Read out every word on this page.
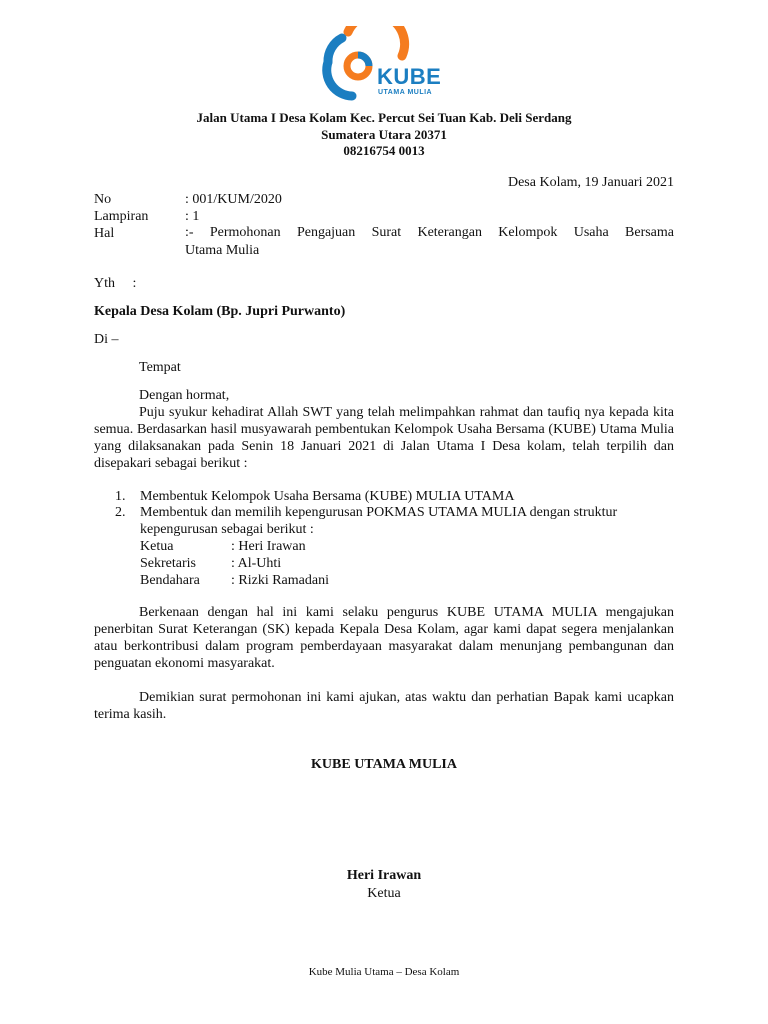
KUBE
UTAMA MULIA
Jalan Utama I Desa Kolam Kec. Percut Sei Tuan Kab. Deli Serdang
Sumatera Utara 20371
08216754 0013
Desa Kolam, 19 Januari 2021
No	: 001/KUM/2020
Lampiran	: 1
Hal	:- Permohonan Pengajuan Surat Keterangan Kelompok Usaha Bersama
Utama Mulia
Yth     :
Kepala Desa Kolam (Bp. Jupri Purwanto)
Di –
Tempat
Dengan hormat,
Puju syukur kehadirat Allah SWT yang telah melimpahkan rahmat dan taufiq nya kepada kita semua. Berdasarkan hasil musyawarah pembentukan Kelompok Usaha Bersama (KUBE) Utama Mulia yang dilaksanakan pada Senin 18 Januari 2021 di Jalan Utama I Desa kolam, telah terpilih dan disepakari sebagai berikut :
1. Membentuk Kelompok Usaha Bersama (KUBE) MULIA UTAMA
2. Membentuk dan memilih kepengurusan POKMAS UTAMA MULIA dengan struktur kepengurusan sebagai berikut :
Ketua	: Heri Irawan
Sekretaris	: Al-Uhti
Bendahara : Rizki Ramadani
Berkenaan dengan hal ini kami selaku pengurus KUBE UTAMA MULIA mengajukan penerbitan Surat Keterangan (SK) kepada Kepala Desa Kolam, agar kami dapat segera menjalankan atau berkontribusi dalam program pemberdayaan masyarakat dalam menunjang pembangunan dan penguatan ekonomi masyarakat.
Demikian surat permohonan ini kami ajukan, atas waktu dan perhatian Bapak kami ucapkan terima kasih.
KUBE UTAMA MULIA
Heri Irawan
Ketua
Kube Mulia Utama – Desa Kolam
